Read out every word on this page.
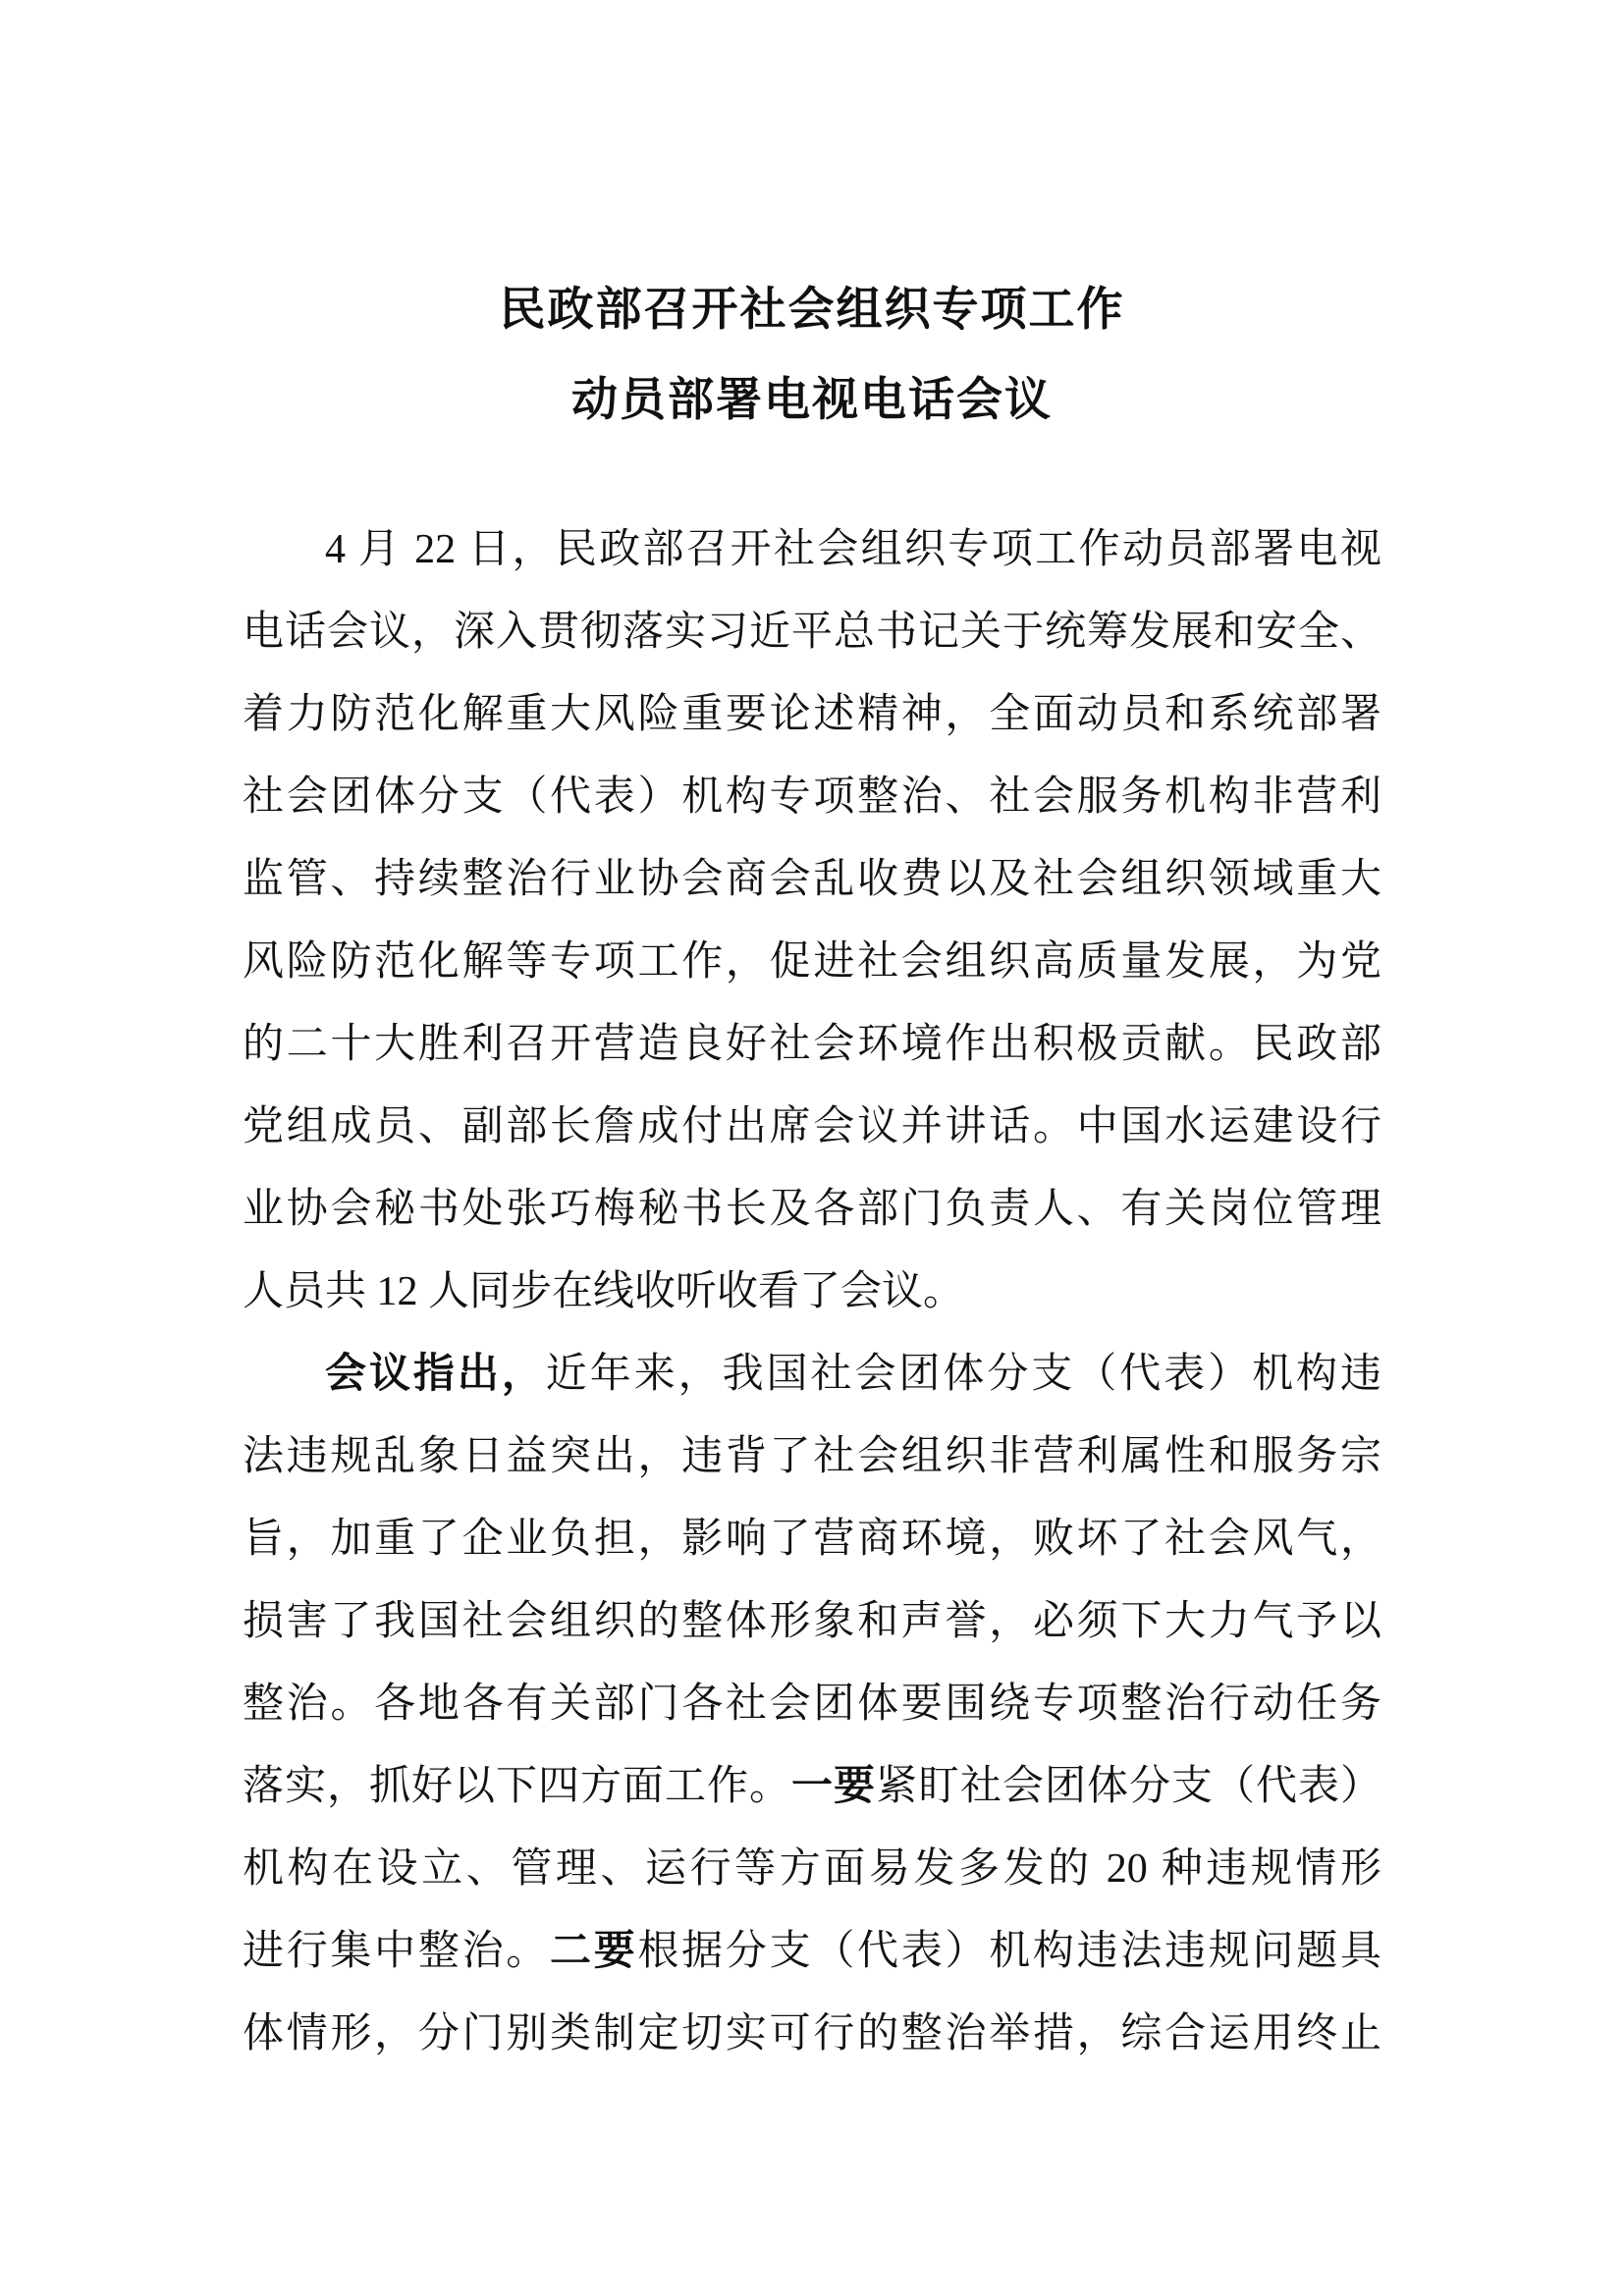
民政部召开社会组织专项工作
动员部署电视电话会议
4 月 22 日，民政部召开社会组织专项工作动员部署电视
电话会议，深入贯彻落实习近平总书记关于统筹发展和安全、
着力防范化解重大风险重要论述精神，全面动员和系统部署
社会团体分支（代表）机构专项整治、社会服务机构非营利
监管、持续整治行业协会商会乱收费以及社会组织领域重大
风险防范化解等专项工作，促进社会组织高质量发展，为党
的二十大胜利召开营造良好社会环境作出积极贡献。民政部
党组成员、副部长詹成付出席会议并讲话。中国水运建设行
业协会秘书处张巧梅秘书长及各部门负责人、有关岗位管理
人员共 12 人同步在线收听收看了会议。
会议指出，近年来，我国社会团体分支（代表）机构违
法违规乱象日益突出，违背了社会组织非营利属性和服务宗
旨，加重了企业负担，影响了营商环境，败坏了社会风气，
损害了我国社会组织的整体形象和声誉，必须下大力气予以
整治。各地各有关部门各社会团体要围绕专项整治行动任务
落实，抓好以下四方面工作。一要紧盯社会团体分支（代表）
机构在设立、管理、运行等方面易发多发的 20 种违规情形
进行集中整治。二要根据分支（代表）机构违法违规问题具
体情形，分门别类制定切实可行的整治举措，综合运用终止
